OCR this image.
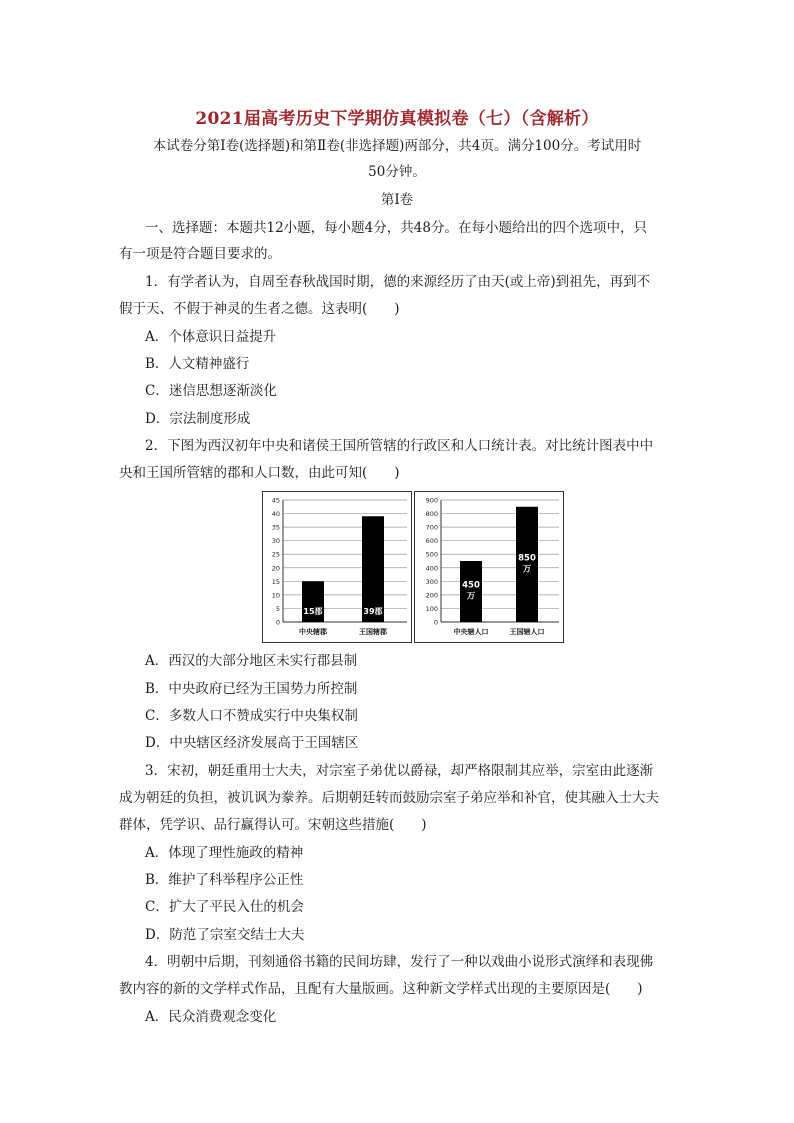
2021届高考历史下学期仿真模拟卷（七）（含解析）
本试卷分第Ⅰ卷(选择题)和第Ⅱ卷(非选择题)两部分，共4页。满分100分。考试用时
50分钟。
第Ⅰ卷
一、选择题：本题共12小题，每小题4分，共48分。在每小题给出的四个选项中，只
有一项是符合题目要求的。
1．有学者认为，自周至春秋战国时期，德的来源经历了由天(或上帝)到祖先，再到不
假于天、不假于神灵的生者之德。这表明(　　)
A．个体意识日益提升
B．人文精神盛行
C．迷信思想逐渐淡化
D．宗法制度形成
2．下图为西汉初年中央和诸侯王国所管辖的行政区和人口统计表。对比统计图表中中
央和王国所管辖的郡和人口数，由此可知(　　)
0
5
10
15
20
25
30
35
40
45
15郡
中央辖郡
39郡
王国辖郡
0
100
200
300
400
500
600
700
800
900
450
万
中央辖人口
850
万
王国辖人口
A．西汉的大部分地区未实行郡县制
B．中央政府已经为王国势力所控制
C．多数人口不赞成实行中央集权制
D．中央辖区经济发展高于王国辖区
3．宋初，朝廷重用士大夫，对宗室子弟优以爵禄，却严格限制其应举，宗室由此逐渐
成为朝廷的负担，被讥讽为豢养。后期朝廷转而鼓励宗室子弟应举和补官，使其融入士大夫
群体，凭学识、品行赢得认可。宋朝这些措施(　　)
A．体现了理性施政的精神
B．维护了科举程序公正性
C．扩大了平民入仕的机会
D．防范了宗室交结士大夫
4．明朝中后期，刊刻通俗书籍的民间坊肆，发行了一种以戏曲小说形式演绎和表现佛
教内容的新的文学样式作品，且配有大量版画。这种新文学样式出现的主要原因是(　　)
A．民众消费观念变化
